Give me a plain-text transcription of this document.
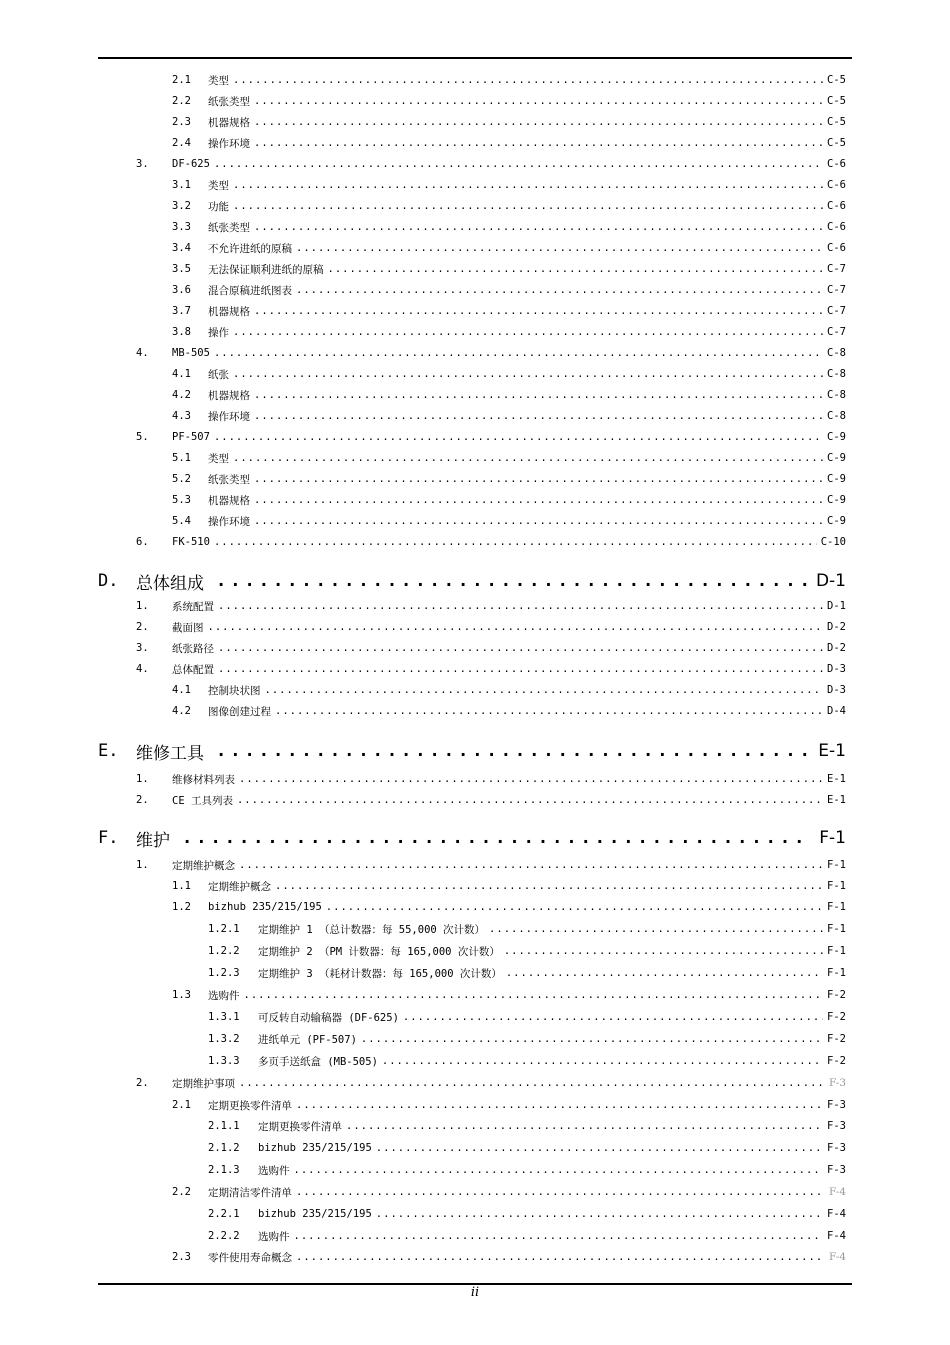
2.1	类型 .....	C-5
2.2	纸张类型 .....	C-5
2.3	机器规格 .....	C-5
2.4	操作环境 .....	C-5
3.	DF-625 .....	C-6
3.1	类型 .....	C-6
3.2	功能 .....	C-6
3.3	纸张类型 .....	C-6
3.4	不允许进纸的原稿 .....	C-6
3.5	无法保证顺利进纸的原稿 .....	C-7
3.6	混合原稿进纸图表 .....	C-7
3.7	机器规格 .....	C-7
3.8	操作 .....	C-7
4.	MB-505 .....	C-8
4.1	纸张 .....	C-8
4.2	机器规格 .....	C-8
4.3	操作环境 .....	C-8
5.	PF-507 .....	C-9
5.1	类型 .....	C-9
5.2	纸张类型 .....	C-9
5.3	机器规格 .....	C-9
5.4	操作环境 .....	C-9
6.	FK-510 .....	C-10
D.	总体组成 .....	D-1
1.	系统配置 .....	D-1
2.	截面图 .....	D-2
3.	纸张路径 .....	D-2
4.	总体配置 .....	D-3
4.1	控制块状图 .....	D-3
4.2	图像创建过程 .....	D-4
E.	维修工具 .....	E-1
1.	维修材料列表 .....	E-1
2.	CE 工具列表 .....	E-1
F.	维护 .....	F-1
1.	定期维护概念 .....	F-1
1.1	定期维护概念 .....	F-1
1.2	bizhub 235/215/195 .....	F-1
1.2.1	定期维护 1 （总计数器：每 55,000 次计数） .....	F-1
1.2.2	定期维护 2 （PM 计数器：每 165,000 次计数） .....	F-1
1.2.3	定期维护 3 （耗材计数器：每 165,000 次计数） .....	F-1
1.3	选购件 .....	F-2
1.3.1	可反转自动输稿器 (DF-625) .....	F-2
1.3.2	进纸单元 (PF-507) .....	F-2
1.3.3	多页手送纸盒 (MB-505) .....	F-2
2.	定期维护事项 .....	F-3
2.1	定期更换零件清单 .....	F-3
2.1.1	定期更换零件清单 .....	F-3
2.1.2	bizhub 235/215/195 .....	F-3
2.1.3	选购件 .....	F-3
2.2	定期清洁零件清单 .....	F-4
2.2.1	bizhub 235/215/195 .....	F-4
2.2.2	选购件 .....	F-4
2.3	零件使用寿命概念 .....	F-4
ii
